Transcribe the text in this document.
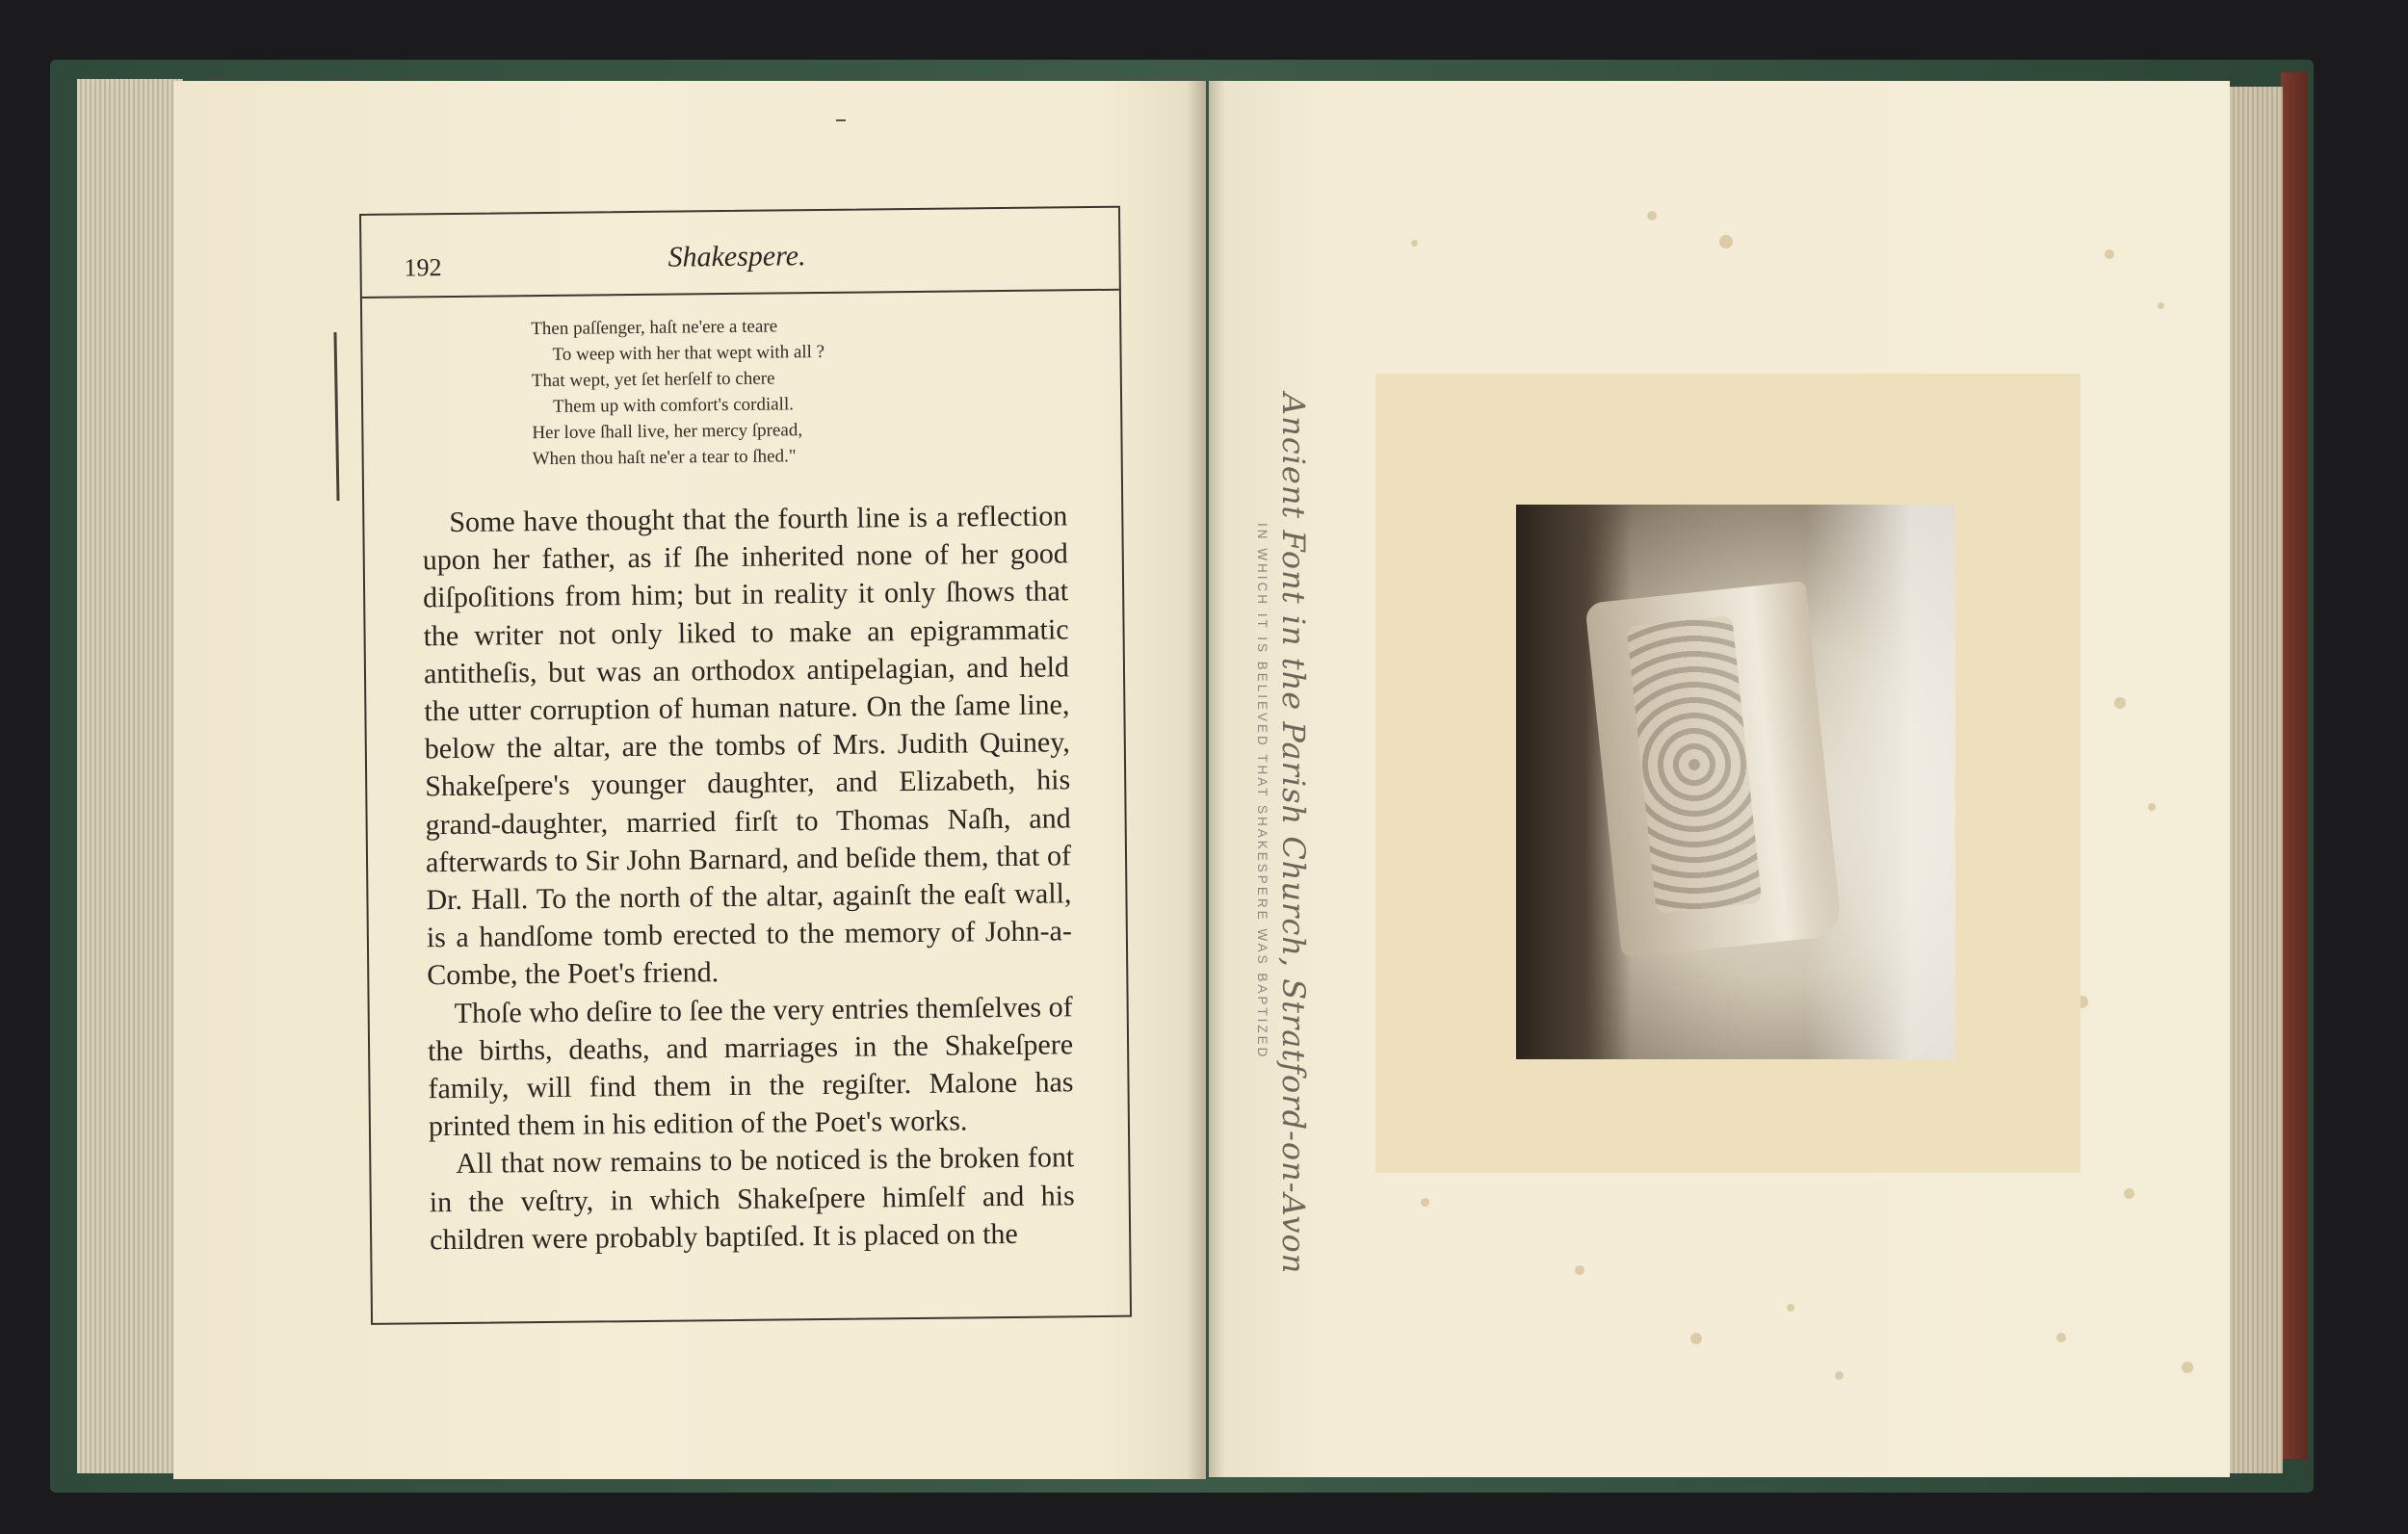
192	Shakespere.
Then paſſenger, haſt ne'ere a teare
To weep with her that wept with all ?
That wept, yet ſet herſelf to chere
Them up with comfort's cordiall.
Her love ſhall live, her mercy ſpread,
When thou haſt ne'er a tear to ſhed."

Some have thought that the fourth line is a reflection upon her father, as if ſhe inherited none of her good diſpoſitions from him; but in reality it only ſhows that the writer not only liked to make an epigrammatic antitheſis, but was an orthodox antipelagian, and held the utter corruption of human nature. On the ſame line, below the altar, are the tombs of Mrs. Judith Quiney, Shakeſpere's younger daughter, and Elizabeth, his grand-daughter, married firſt to Thomas Naſh, and afterwards to Sir John Barnard, and beſide them, that of Dr. Hall. To the north of the altar, againſt the eaſt wall, is a handſome tomb erected to the memory of John-a-Combe, the Poet's friend.

Thoſe who deſire to ſee the very entries themſelves of the births, deaths, and marriages in the Shakeſpere family, will find them in the regiſter. Malone has printed them in his edition of the Poet's works.

All that now remains to be noticed is the broken font in the veſtry, in which Shakeſpere himſelf and his children were probably baptiſed. It is placed on the	Ancient Font in the Parish Church, Stratford-on-Avon
IN WHICH IT IS BELIEVED THAT SHAKESPERE WAS BAPTIZED
